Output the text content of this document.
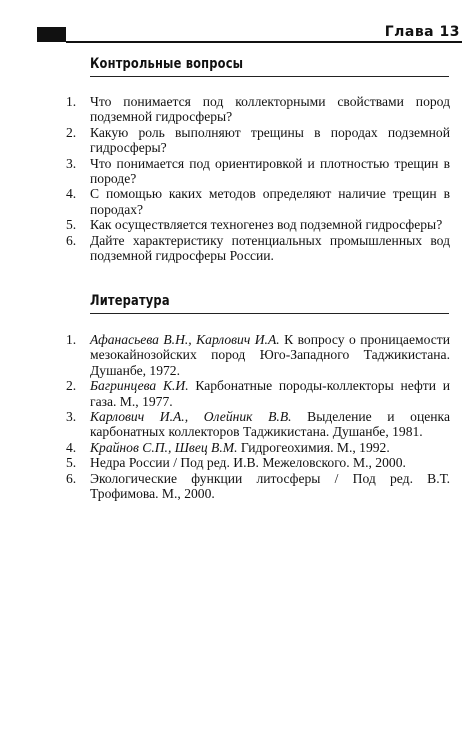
Глава 13
Контрольные вопросы
1.	Что понимается под коллекторными свойствами пород подземной гидросферы?
2.	Какую роль выполняют трещины в породах подземной гидросферы?
3.	Что понимается под ориентировкой и плотностью трещин в породе?
4.	С помощью каких методов определяют наличие трещин в породах?
5.	Как осуществляется техногенез вод подземной гидросферы?
6.	Дайте характеристику потенциальных промышленных вод подземной гидросферы России.
Литература
1.	Афанасьева В.Н., Карлович И.А. К вопросу о проницаемости мезокайнозойских пород Юго-Западного Таджикистана. Душанбе, 1972.
2.	Багринцева К.И. Карбонатные породы-коллекторы нефти и газа. М., 1977.
3.	Карлович И.А., Олейник В.В. Выделение и оценка карбонатных коллекторов Таджикистана. Душанбе, 1981.
4.	Крайнов С.П., Швец В.М. Гидрогеохимия. М., 1992.
5.	Недра России / Под ред. И.В. Межеловского. М., 2000.
6.	Экологические функции литосферы / Под ред. В.Т. Трофимова. М., 2000.
